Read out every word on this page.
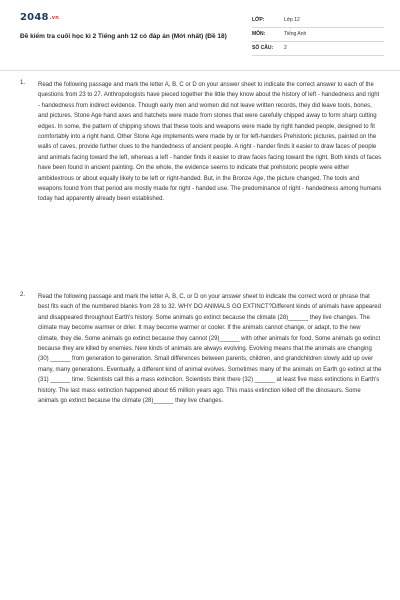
2048.vn
Đề kiểm tra cuối học kì 2 Tiếng anh 12 có đáp án (Mới nhất) (Đề 18)
LỚP:	Lớp 12
MÔN:	Tiếng Anh
SỐ CÂU: 2
1. Read the following passage and mark the letter A, B, C or D on your answer sheet to indicate the correct answer to each of the questions from 23 to 27. Anthropologists have pieced together the little they know about the history of left - handedness and right - handedness from indirect evidence. Though early men and women did not leave written records, they did leave tools, bones, and pictures. Stone Age hand axes and hatchets were made from stones that were carefully chipped away to form sharp cutting edges. In some, the pattern of chipping shows that these tools and weapons were made by right handed people, designed to fit comfortably into a right hand. Other Stone Age implements were made by or for left-handers Prehistoric pictures, painted on the walls of caves, provide further clues to the handedness of ancient people. A right - hander finds it easier to draw faces of people and animals facing toward the left, whereas a left - hander finds it easier to draw faces facing toward the right. Both kinds of faces have been found in ancient painting. On the whole, the evidence seems to indicate that prehistoric people were either ambidextrous or about equally likely to be left or right-handed. But, in the Bronze Age, the picture changed. The tools and weapons found from that period are mostly made for right - handed use. The predominance of right - handedness among humans today had apparently already been established.
2. Read the following passage and mark the letter A, B, C, or D on your answer sheet to indicate the correct word or phrase that best fits each of the numbered blanks from 28 to 32. WHY DO ANIMALS GO EXTINCT?Different kinds of animals have appeared and disappeared throughout Earth's history. Some animals go extinct because the climate (28)______ they live changes. The climate may become warmer or drier. It may become warmer or cooler. If the animals cannot change, or adapt, to the new climate, they die. Some animals go extinct because they cannot (29)______ with other animals for food. Some animals go extinct because they are killed by enemies. New kinds of animals are always evolving. Evolving means that the animals are changing (30) ______ from generation to generation. Small differences between parents, children, and grandchildren slowly add up over many, many generations. Eventually, a different kind of animal evolves. Sometimes many of the animals on Earth go extinct at the (31) ______ time. Scientists call this a mass extinction. Scientists think there (32) ______ at least five mass extinctions in Earth's history. The last mass extinction happened about 65 million years ago. This mass extinction killed off the dinosaurs. Some animals go extinct because the climate (28)______ they live changes.
